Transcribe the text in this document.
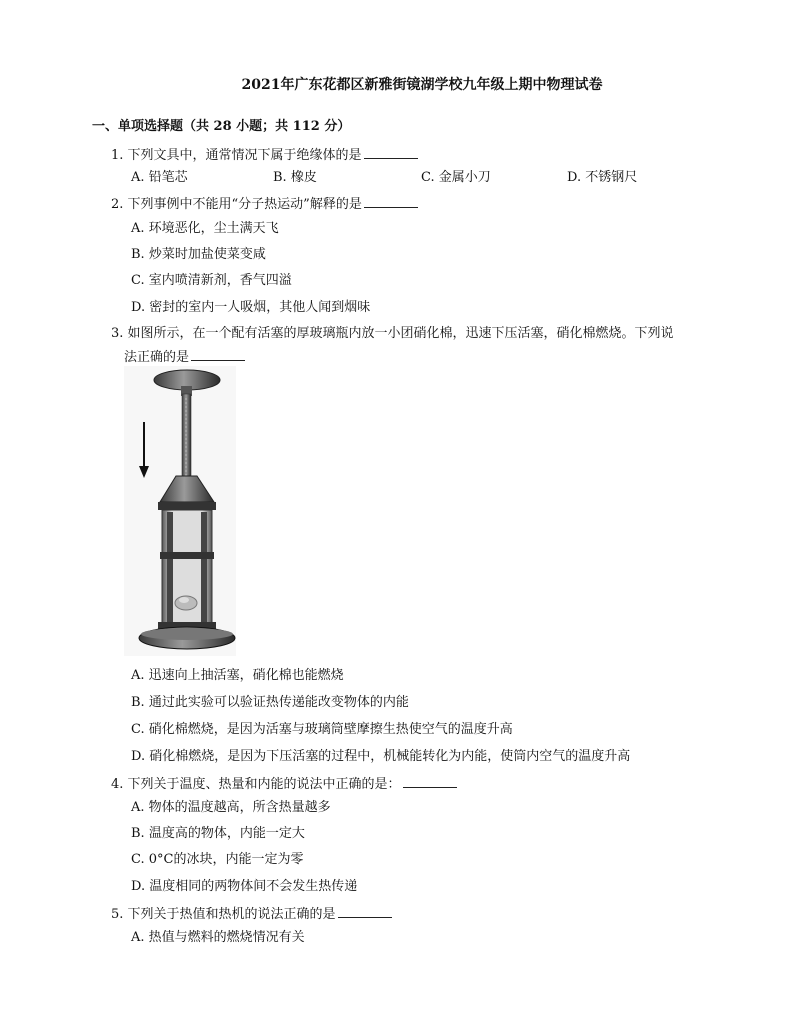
2021年广东花都区新雅街镜湖学校九年级上期中物理试卷
一、单项选择题（共 28 小题；共 112 分）
1. 下列文具中，通常情况下属于绝缘体的是
A. 铅笔芯	B. 橡皮	C. 金属小刀	D. 不锈钢尺
2. 下列事例中不能用“分子热运动”解释的是
A. 环境恶化，尘土满天飞
B. 炒菜时加盐使菜变咸
C. 室内喷清新剂，香气四溢
D. 密封的室内一人吸烟，其他人闻到烟味
3. 如图所示，在一个配有活塞的厚玻璃瓶内放一小团硝化棉，迅速下压活塞，硝化棉燃烧。下列说
法正确的是
A. 迅速向上抽活塞，硝化棉也能燃烧
B. 通过此实验可以验证热传递能改变物体的内能
C. 硝化棉燃烧，是因为活塞与玻璃筒壁摩擦生热使空气的温度升高
D. 硝化棉燃烧，是因为下压活塞的过程中，机械能转化为内能，使筒内空气的温度升高
4. 下列关于温度、热量和内能的说法中正确的是：
A. 物体的温度越高，所含热量越多
B. 温度高的物体，内能一定大
C. 0°C的冰块，内能一定为零
D. 温度相同的两物体间不会发生热传递
5. 下列关于热值和热机的说法正确的是
A. 热值与燃料的燃烧情况有关
